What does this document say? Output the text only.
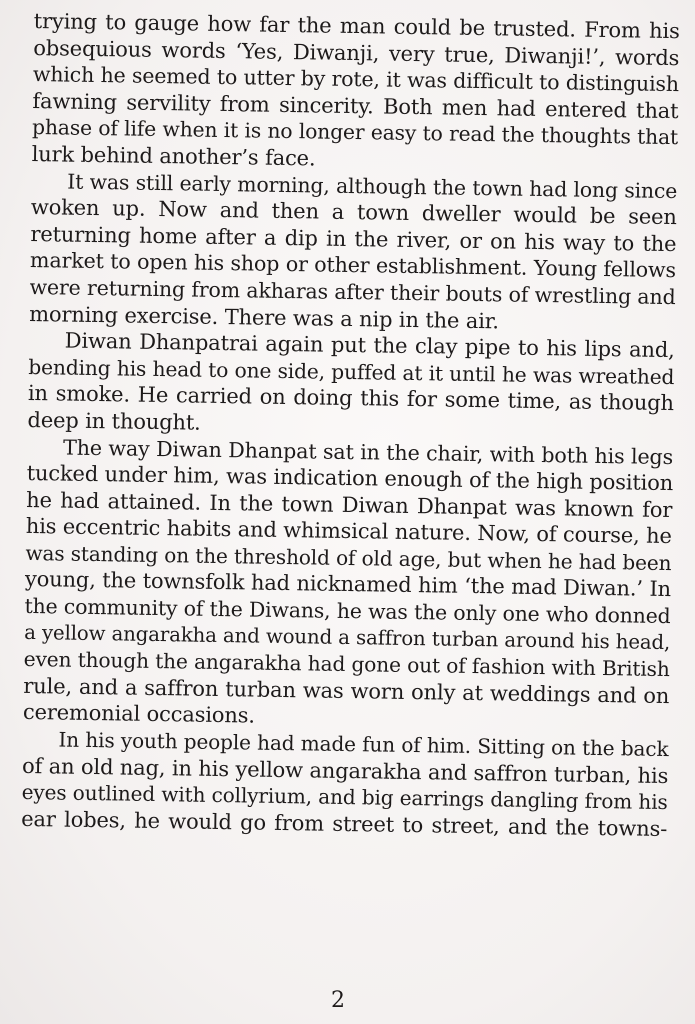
trying to gauge how far the man could be trusted. From his
obsequious words ‘Yes, Diwanji, very true, Diwanji!’, words
which he seemed to utter by rote, it was difficult to distinguish
fawning servility from sincerity. Both men had entered that
phase of life when it is no longer easy to read the thoughts that
lurk behind another’s face.
It was still early morning, although the town had long since
woken up. Now and then a town dweller would be seen
returning home after a dip in the river, or on his way to the
market to open his shop or other establishment. Young fellows
were returning from akharas after their bouts of wrestling and
morning exercise. There was a nip in the air.
Diwan Dhanpatrai again put the clay pipe to his lips and,
bending his head to one side, puffed at it until he was wreathed
in smoke. He carried on doing this for some time, as though
deep in thought.
The way Diwan Dhanpat sat in the chair, with both his legs
tucked under him, was indication enough of the high position
he had attained. In the town Diwan Dhanpat was known for
his eccentric habits and whimsical nature. Now, of course, he
was standing on the threshold of old age, but when he had been
young, the townsfolk had nicknamed him ‘the mad Diwan.’ In
the community of the Diwans, he was the only one who donned
a yellow angarakha and wound a saffron turban around his head,
even though the angarakha had gone out of fashion with British
rule, and a saffron turban was worn only at weddings and on
ceremonial occasions.
In his youth people had made fun of him. Sitting on the back
of an old nag, in his yellow angarakha and saffron turban, his
eyes outlined with collyrium, and big earrings dangling from his
ear lobes, he would go from street to street, and the towns-
2
